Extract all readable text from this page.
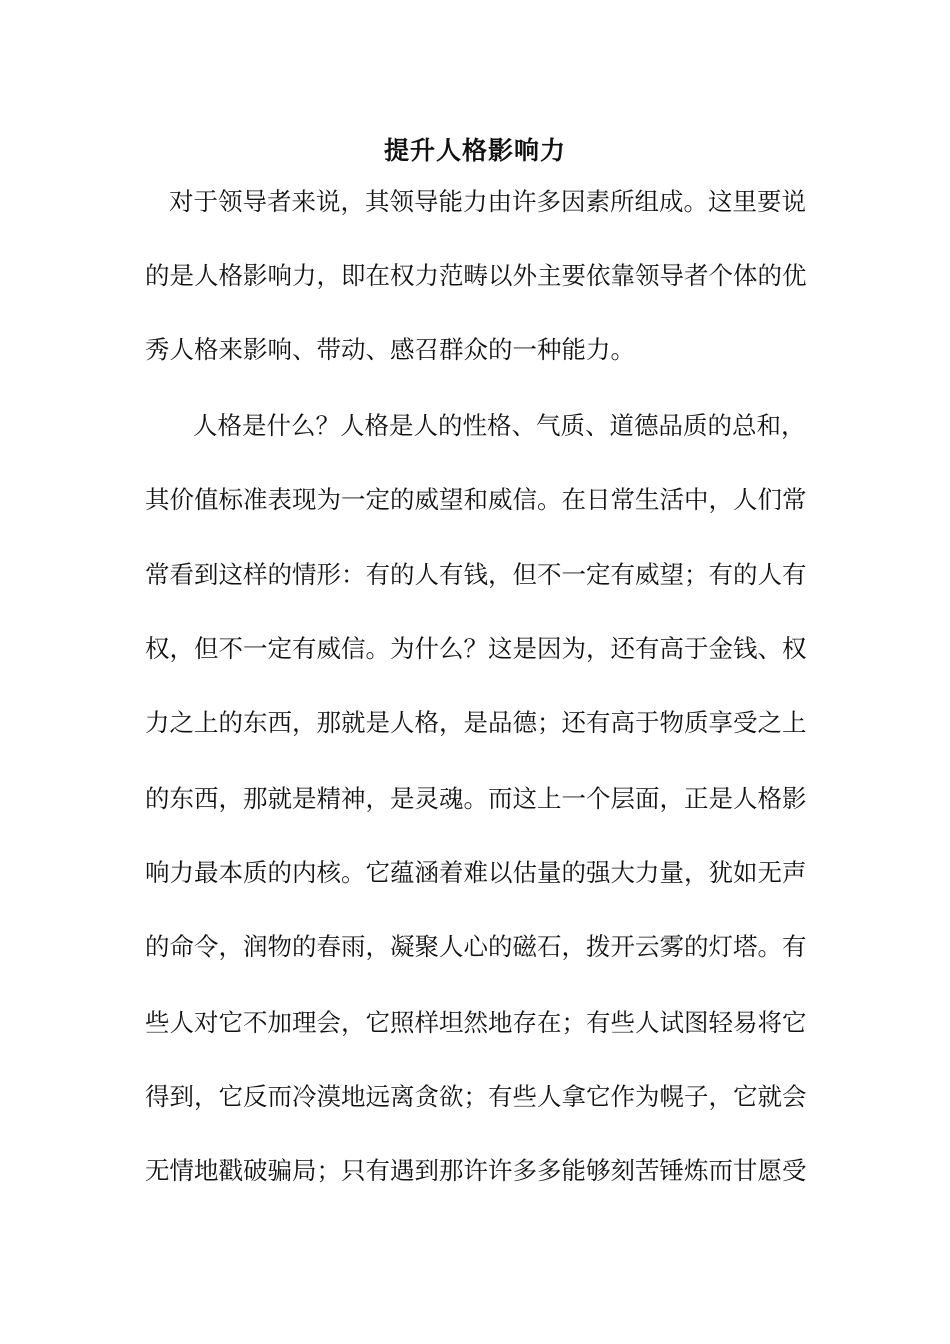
提升人格影响力
对于领导者来说，其领导能力由许多因素所组成。这里要说
的是人格影响力，即在权力范畴以外主要依靠领导者个体的优
秀人格来影响、带动、感召群众的一种能力。
人格是什么？人格是人的性格、气质、道德品质的总和，
其价值标准表现为一定的威望和威信。在日常生活中，人们常
常看到这样的情形：有的人有钱，但不一定有威望；有的人有
权，但不一定有威信。为什么？这是因为，还有高于金钱、权
力之上的东西，那就是人格，是品德；还有高于物质享受之上
的东西，那就是精神，是灵魂。而这上一个层面，正是人格影
响力最本质的内核。它蕴涵着难以估量的强大力量，犹如无声
的命令，润物的春雨，凝聚人心的磁石，拨开云雾的灯塔。有
些人对它不加理会，它照样坦然地存在；有些人试图轻易将它
得到，它反而冷漠地远离贪欲；有些人拿它作为幌子，它就会
无情地戳破骗局；只有遇到那许许多多能够刻苦锤炼而甘愿受
